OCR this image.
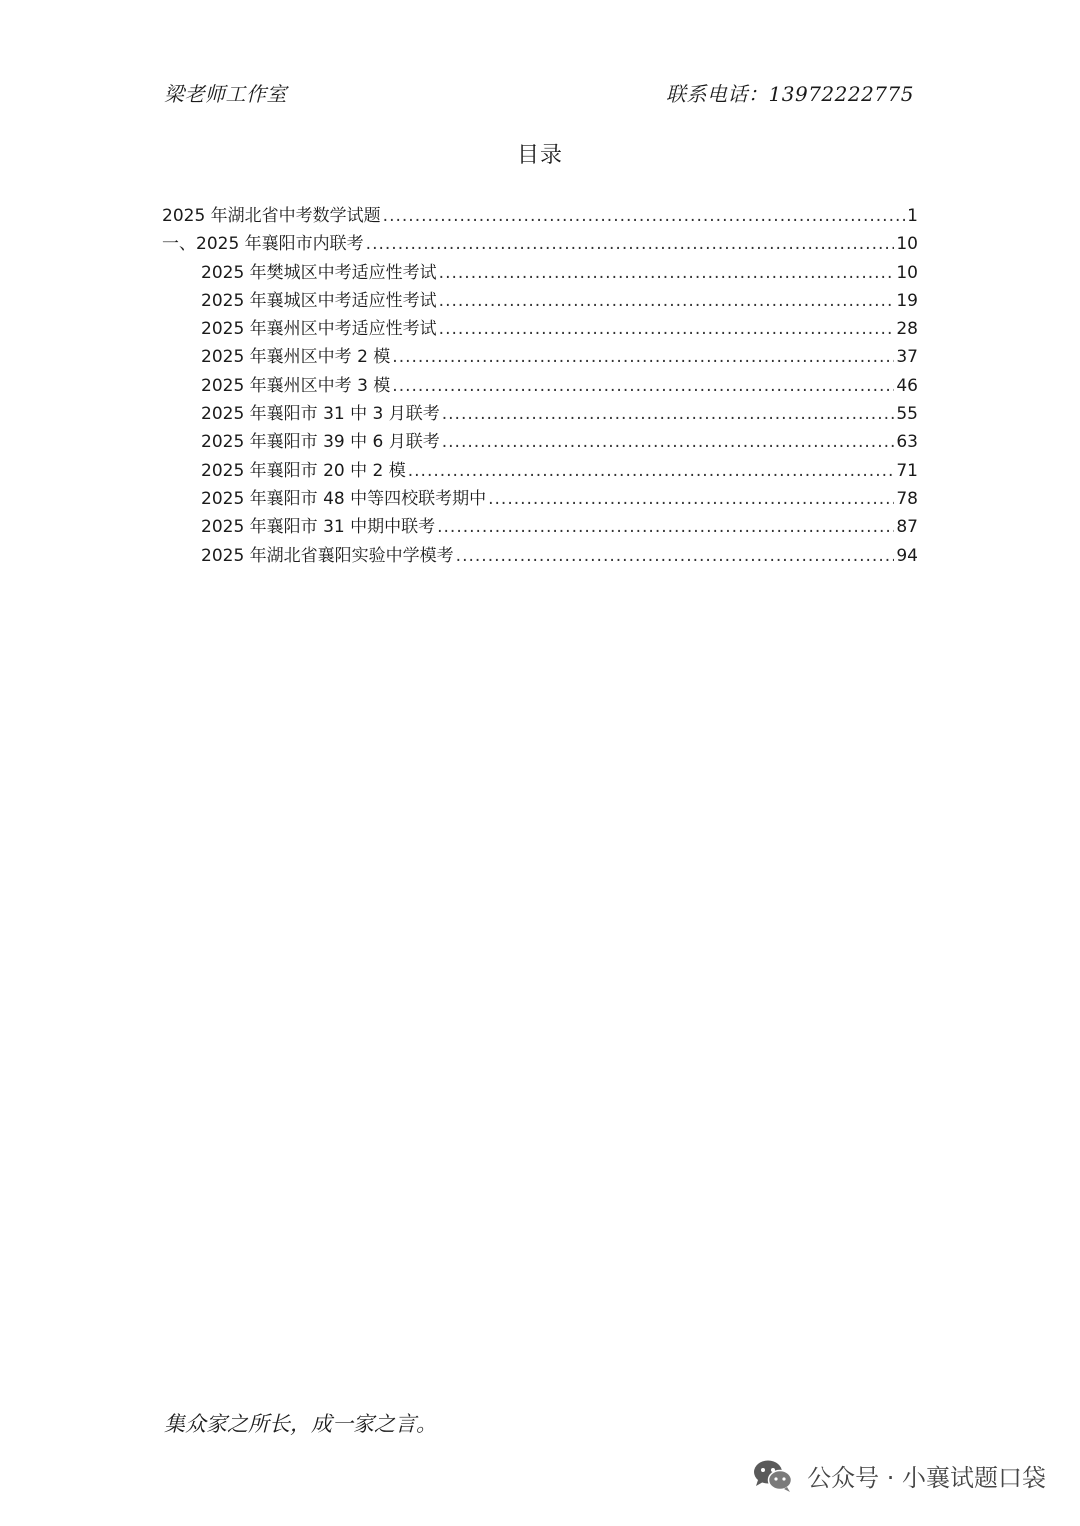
梁老师工作室	联系电话：13972222775
目录
2025 年湖北省中考数学试题 .....	1
一、2025 年襄阳市内联考 .....	10
2025 年樊城区中考适应性考试 .....	10
2025 年襄城区中考适应性考试 .....	19
2025 年襄州区中考适应性考试 .....	28
2025 年襄州区中考 2 模 .....	37
2025 年襄州区中考 3 模 .....	46
2025 年襄阳市 31 中 3 月联考 .....	55
2025 年襄阳市 39 中 6 月联考 .....	63
2025 年襄阳市 20 中 2 模 .....	71
2025 年襄阳市 48 中等四校联考期中 .....	78
2025 年襄阳市 31 中期中联考 .....	87
2025 年湖北省襄阳实验中学模考 .....	94
集众家之所长，成一家之言。
公众号 · 小襄试题口袋
